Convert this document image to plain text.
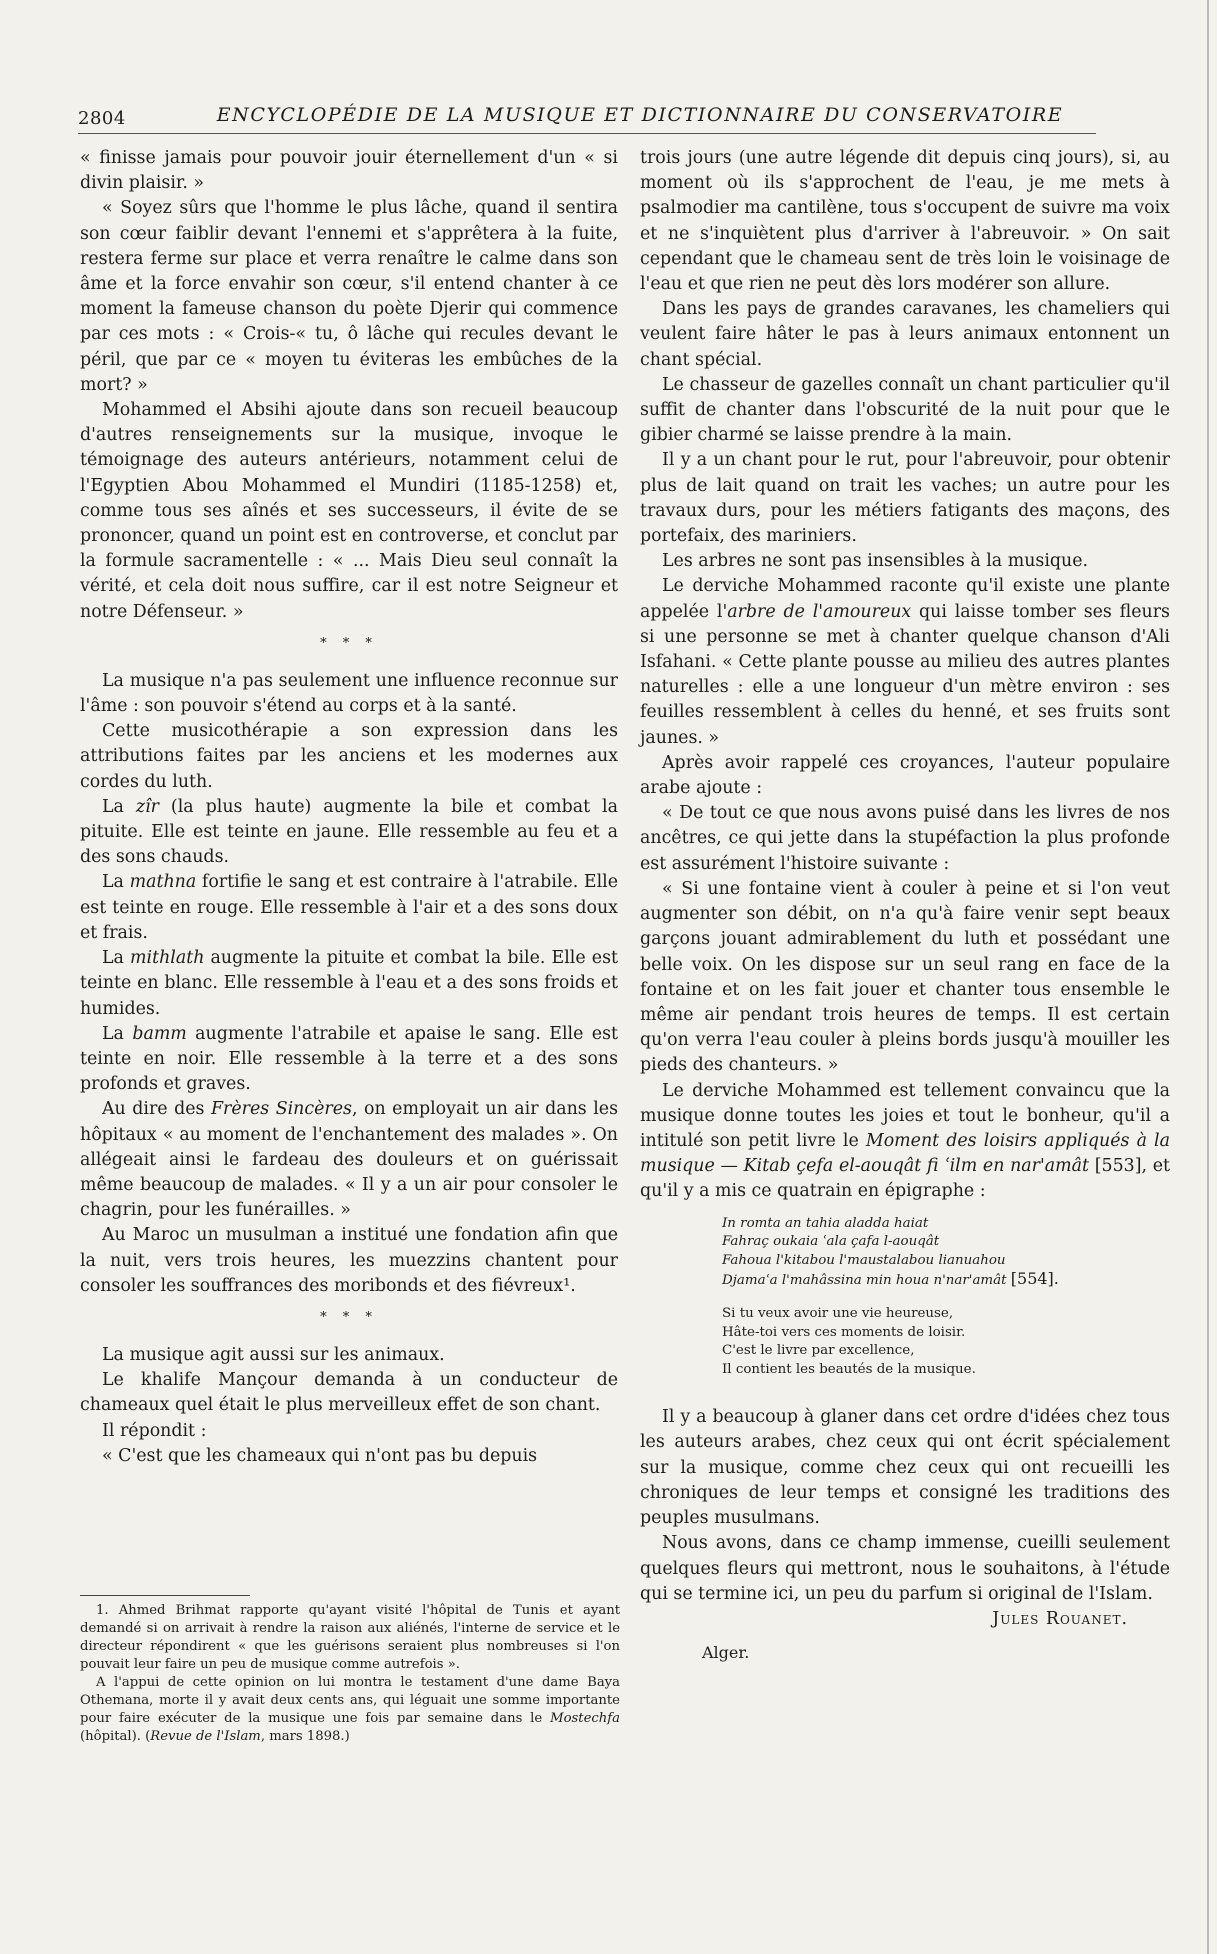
2804	ENCYCLOPÉDIE DE LA MUSIQUE ET DICTIONNAIRE DU CONSERVATOIRE

« finisse jamais pour pouvoir jouir éternellement d'un « si divin plaisir. »

« Soyez sûrs que l'homme le plus lâche, quand il sentira son cœur faiblir devant l'ennemi et s'apprêtera à la fuite, restera ferme sur place et verra renaître le calme dans son âme et la force envahir son cœur, s'il entend chanter à ce moment la fameuse chanson du poète Djerir qui commence par ces mots : « Crois-« tu, ô lâche qui recules devant le péril, que par ce « moyen tu éviteras les embûches de la mort? »

Mohammed el Absihi ajoute dans son recueil beaucoup d'autres renseignements sur la musique, invoque le témoignage des auteurs antérieurs, notamment celui de l'Egyptien Abou Mohammed el Mundiri (1185-1258) et, comme tous ses aînés et ses successeurs, il évite de se prononcer, quand un point est en controverse, et conclut par la formule sacramentelle : « ... Mais Dieu seul connaît la vérité, et cela doit nous suffire, car il est notre Seigneur et notre Défenseur. »

* * *

La musique n'a pas seulement une influence reconnue sur l'âme : son pouvoir s'étend au corps et à la santé.

Cette musicothérapie a son expression dans les attributions faites par les anciens et les modernes aux cordes du luth.

La zîr (la plus haute) augmente la bile et combat la pituite. Elle est teinte en jaune. Elle ressemble au feu et a des sons chauds.

La mathna fortifie le sang et est contraire à l'atrabile. Elle est teinte en rouge. Elle ressemble à l'air et a des sons doux et frais.

La mithlath augmente la pituite et combat la bile. Elle est teinte en blanc. Elle ressemble à l'eau et a des sons froids et humides.

La bamm augmente l'atrabile et apaise le sang. Elle est teinte en noir. Elle ressemble à la terre et a des sons profonds et graves.

Au dire des Frères Sincères, on employait un air dans les hôpitaux « au moment de l'enchantement des malades ». On allégeait ainsi le fardeau des douleurs et on guérissait même beaucoup de malades. « Il y a un air pour consoler le chagrin, pour les funérailles. »

Au Maroc un musulman a institué une fondation afin que la nuit, vers trois heures, les muezzins chantent pour consoler les souffrances des moribonds et des fiévreux¹.

* * *

La musique agit aussi sur les animaux.

Le khalife Mançour demanda à un conducteur de chameaux quel était le plus merveilleux effet de son chant.

Il répondit :

« C'est que les chameaux qui n'ont pas bu depuis

1. Ahmed Brihmat rapporte qu'ayant visité l'hôpital de Tunis et ayant demandé si on arrivait à rendre la raison aux aliénés, l'interne de service et le directeur répondirent « que les guérisons seraient plus nombreuses si l'on pouvait leur faire un peu de musique comme autrefois ».

A l'appui de cette opinion on lui montra le testament d'une dame Baya Othemana, morte il y avait deux cents ans, qui léguait une somme importante pour faire exécuter de la musique une fois par semaine dans le Mostechfa (hôpital). (Revue de l'Islam, mars 1898.)

trois jours (une autre légende dit depuis cinq jours), si, au moment où ils s'approchent de l'eau, je me mets à psalmodier ma cantilène, tous s'occupent de suivre ma voix et ne s'inquiètent plus d'arriver à l'abreuvoir. » On sait cependant que le chameau sent de très loin le voisinage de l'eau et que rien ne peut dès lors modérer son allure.

Dans les pays de grandes caravanes, les chameliers qui veulent faire hâter le pas à leurs animaux entonnent un chant spécial.

Le chasseur de gazelles connaît un chant particulier qu'il suffit de chanter dans l'obscurité de la nuit pour que le gibier charmé se laisse prendre à la main.

Il y a un chant pour le rut, pour l'abreuvoir, pour obtenir plus de lait quand on trait les vaches; un autre pour les travaux durs, pour les métiers fatigants des maçons, des portefaix, des mariniers.

Les arbres ne sont pas insensibles à la musique.

Le derviche Mohammed raconte qu'il existe une plante appelée l'arbre de l'amoureux qui laisse tomber ses fleurs si une personne se met à chanter quelque chanson d'Ali Isfahani. « Cette plante pousse au milieu des autres plantes naturelles : elle a une longueur d'un mètre environ : ses feuilles ressemblent à celles du henné, et ses fruits sont jaunes. »

Après avoir rappelé ces croyances, l'auteur populaire arabe ajoute :

« De tout ce que nous avons puisé dans les livres de nos ancêtres, ce qui jette dans la stupéfaction la plus profonde est assurément l'histoire suivante :

« Si une fontaine vient à couler à peine et si l'on veut augmenter son débit, on n'a qu'à faire venir sept beaux garçons jouant admirablement du luth et possédant une belle voix. On les dispose sur un seul rang en face de la fontaine et on les fait jouer et chanter tous ensemble le même air pendant trois heures de temps. Il est certain qu'on verra l'eau couler à pleins bords jusqu'à mouiller les pieds des chanteurs. »

Le derviche Mohammed est tellement convaincu que la musique donne toutes les joies et tout le bonheur, qu'il a intitulé son petit livre le Moment des loisirs appliqués à la musique — Kitab çefa el-aouqât fi ʿilm en nar'amât [553], et qu'il y a mis ce quatrain en épigraphe :

In romta an tahia aladda haiat
Fahraç oukaia ʿala çafa l-aouqât
Fahoua l'kitabou l'maustalabou lianuahou
Djamaʿa l'mahâssina min houa n'nar'amât [554].
Si tu veux avoir une vie heureuse,
Hâte-toi vers ces moments de loisir.
C'est le livre par excellence,
Il contient les beautés de la musique.

Il y a beaucoup à glaner dans cet ordre d'idées chez tous les auteurs arabes, chez ceux qui ont écrit spécialement sur la musique, comme chez ceux qui ont recueilli les chroniques de leur temps et consigné les traditions des peuples musulmans.

Nous avons, dans ce champ immense, cueilli seulement quelques fleurs qui mettront, nous le souhaitons, à l'étude qui se termine ici, un peu du parfum si original de l'Islam.

Jules Rouanet.
Alger.
